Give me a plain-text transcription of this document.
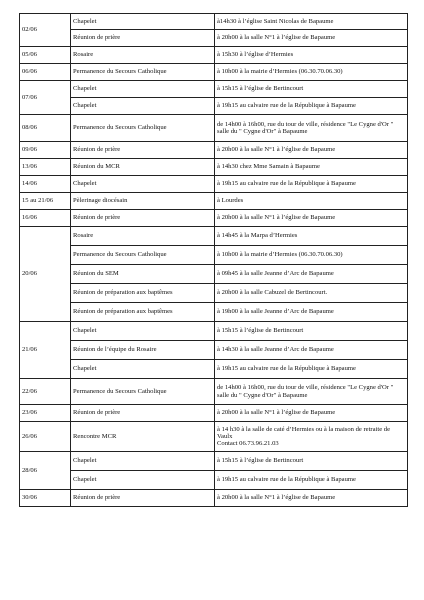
02/06	Chapelet	à14h30 à l’église Saint Nicolas de Bapaume
	Réunion de prière	à 20h00 à la salle N°1 à l’église de Bapaume
05/06	Rosaire	à 15h30 à l’église d’Hermies
06/06	Permanence du Secours Catholique	à 10h00 à la mairie d’Hermies (06.30.70.06.30)
07/06	Chapelet	à 15h15 à l’église de Bertincourt
	Chapelet	à 19h15 au calvaire rue de la République à Bapaume
08/06	Permanence du Secours Catholique	de 14h00 à 16h00, rue du tour de ville, résidence "Le Cygne d'Or " salle du " Cygne d'Or" à Bapaume
09/06	Réunion de prière	à 20h00 à la salle N°1 à l’église de Bapaume
13/06	Réunion du MCR	à 14h30 chez Mme Samain à Bapaume
14/06	Chapelet	à 19h15 au calvaire rue de la République à Bapaume
15 au 21/06	Pèlerinage diocésain	à Lourdes
16/06	Réunion de prière	à 20h00 à la salle N°1 à l’église de Bapaume
20/06	Rosaire	à 14h45 à la Marpa d’Hermies
	Permanence du Secours Catholique	à 10h00 à la mairie d’Hermies (06.30.70.06.30)
	Réunion du SEM	à 09h45 à la salle Jeanne d’Arc de Bapaume
	Réunion de préparation aux baptêmes	à 20h00 à la salle Cabuzel de Bertincourt.
	Réunion de préparation aux baptêmes	à 19h00 à la salle Jeanne d’Arc de Bapaume
21/06	Chapelet	à 15h15 à l’église de Bertincourt
	Réunion de l’équipe du Rosaire	à 14h30 à la salle Jeanne d’Arc de Bapaume
	Chapelet	à 19h15 au calvaire rue de la République à Bapaume
22/06	Permanence du Secours Catholique	de 14h00 à 16h00, rue du tour de ville, résidence "Le Cygne d'Or " salle du " Cygne d'Or" à Bapaume
23/06	Réunion de prière	à 20h00 à la salle N°1 à l’église de Bapaume
26/06	Rencontre MCR	à 14 h30 à la salle de caté d’Hermies ou à la maison de retraite de Vaulx
Contact 06.73.96.21.03
28/06	Chapelet	à 15h15 à l’église de Bertincourt
	Chapelet	à 19h15 au calvaire rue de la République à Bapaume
30/06	Réunion de prière	à 20h00 à la salle N°1 à l’église de Bapaume
